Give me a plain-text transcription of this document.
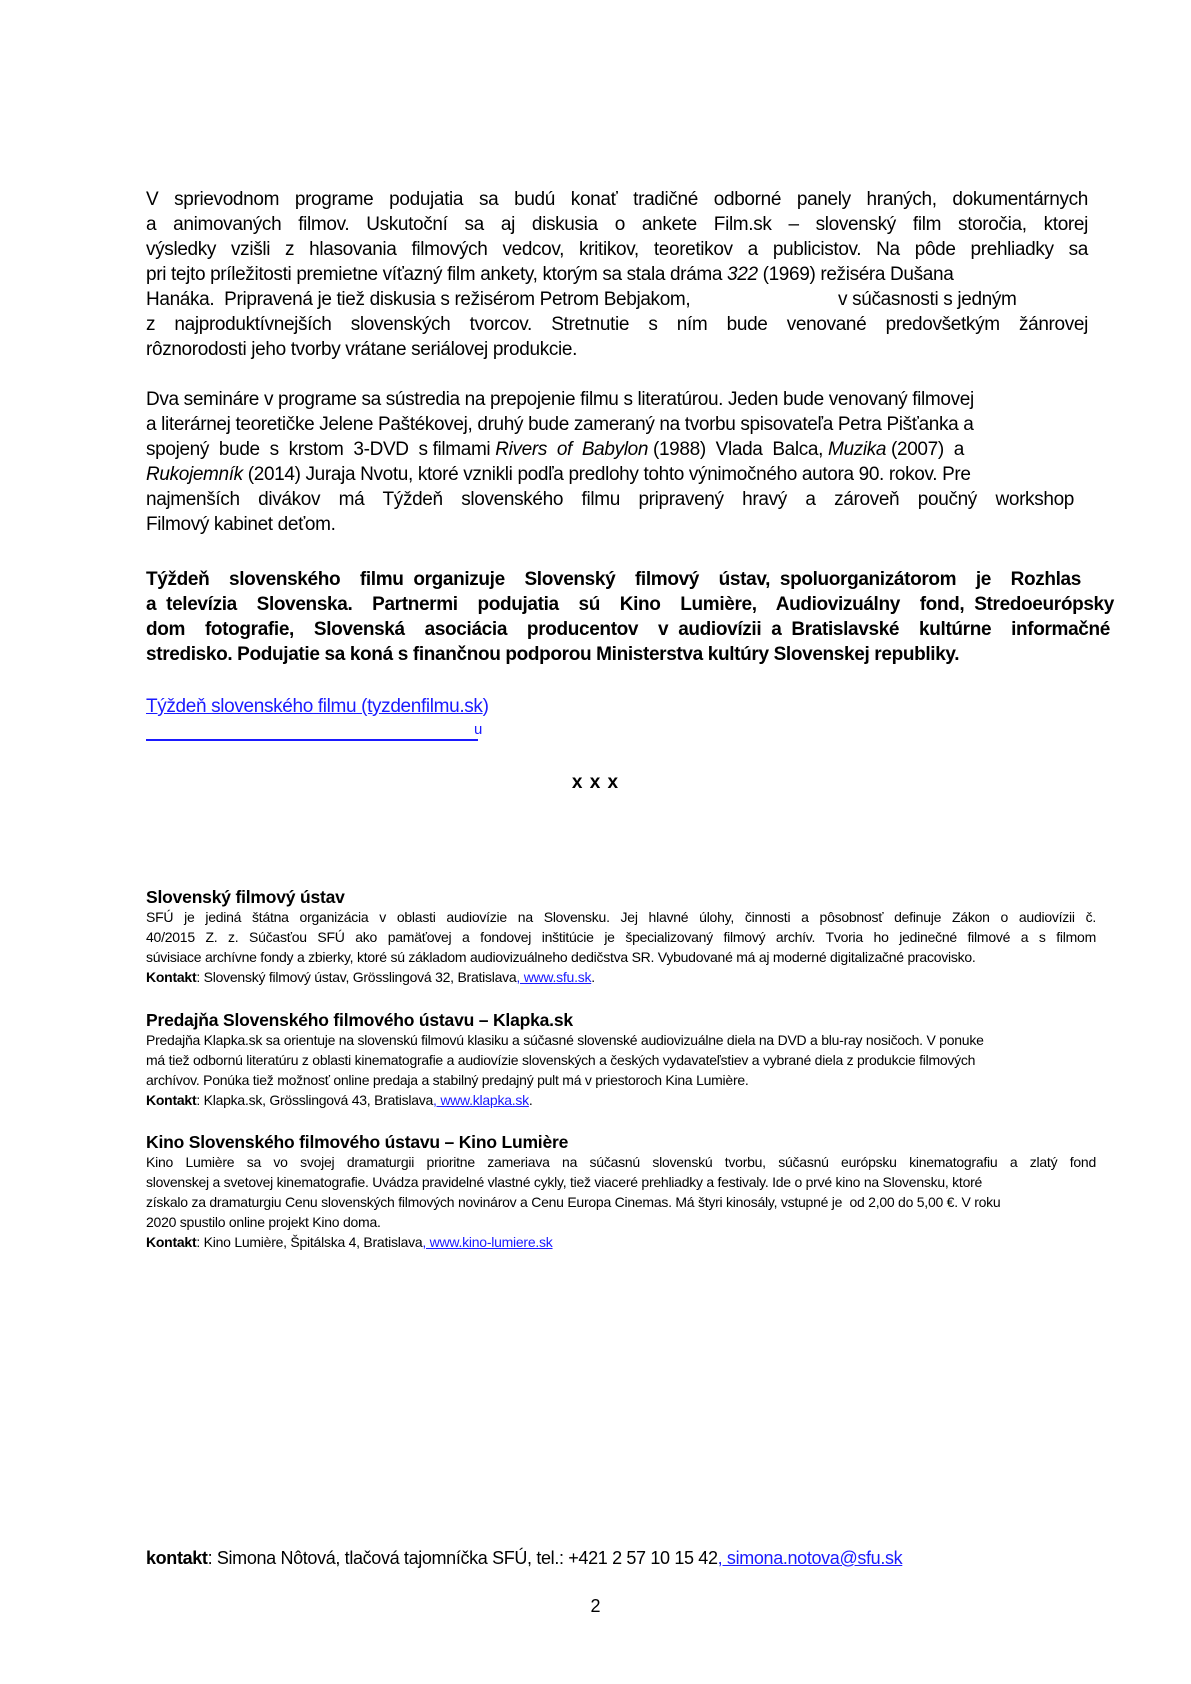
V sprievodnom programe podujatia sa budú konať tradičné odborné panely hraných, dokumentárnych
a animovaných filmov. Uskutoční sa aj diskusia o ankete Film.sk – slovenský film storočia, ktorej
výsledky vzišli z hlasovania filmových vedcov, kritikov, teoretikov a publicistov. Na pôde prehliadky sa
pri tejto príležitosti premietne víťazný film ankety, ktorým sa stala dráma 322 (1969) režiséra Dušana
Hanáka.  Pripravená je tiež diskusia s režisérom Petrom Bebjakom,	v súčasnosti s jedným
z najproduktívnejších slovenských tvorcov. Stretnutie s ním bude venované predovšetkým žánrovej
rôznorodosti jeho tvorby vrátane seriálovej produkcie.
Dva semináre v programe sa sústredia na prepojenie filmu s literatúrou. Jeden bude venovaný filmovej
a literárnej teoretičke Jelene Paštékovej, druhý bude zameraný na tvorbu spisovateľa Petra Pišťanka a
spojený  bude  s  krstom  3-DVD  s filmami Rivers  of  Babylon (1988)  Vlada  Balca, Muzika (2007)  a
Rukojemník (2014) Juraja Nvotu, ktoré vznikli podľa predlohy tohto výnimočného autora 90. rokov. Pre
najmenších divákov má Týždeň slovenského filmu pripravený hravý a zároveň poučný workshop
Filmový kabinet deťom.
Týždeň  slovenského  filmu organizuje  Slovenský  filmový  ústav, spoluorganizátorom  je  Rozhlas
a televízia  Slovenska.  Partnermi  podujatia  sú  Kino  Lumière,  Audiovizuálny  fond, Stredoeurópsky
dom  fotografie,  Slovenská  asociácia  producentov  v audiovízii a Bratislavské  kultúrne  informačné
stredisko. Podujatie sa koná s finančnou podporou Ministerstva kultúry Slovenskej republiky.
Týždeň slovenského filmu (tyzdenfilmu.sk)
u
x x x
Slovenský filmový ústav
SFÚ je jediná štátna organizácia v oblasti audiovízie na Slovensku. Jej hlavné úlohy, činnosti a pôsobnosť definuje Zákon o audiovízii č.
40/2015 Z. z. Súčasťou SFÚ ako pamäťovej a fondovej inštitúcie je špecializovaný filmový archív. Tvoria ho jedinečné filmové a s filmom
súvisiace archívne fondy a zbierky, ktoré sú základom audiovizuálneho dedičstva SR. Vybudované má aj moderné digitalizačné pracovisko.
Kontakt: Slovenský filmový ústav, Grösslingová 32, Bratislava, www.sfu.sk.
Predajňa Slovenského filmového ústavu – Klapka.sk
Predajňa Klapka.sk sa orientuje na slovenskú filmovú klasiku a súčasné slovenské audiovizuálne diela na DVD a blu-ray nosičoch. V ponuke
má tiež odbornú literatúru z oblasti kinematografie a audiovízie slovenských a českých vydavateľstiev a vybrané diela z produkcie filmových
archívov. Ponúka tiež možnosť online predaja a stabilný predajný pult má v priestoroch Kina Lumière.
Kontakt: Klapka.sk, Grösslingová 43, Bratislava, www.klapka.sk.
Kino Slovenského filmového ústavu – Kino Lumière
Kino Lumière sa vo svojej dramaturgii prioritne zameriava na súčasnú slovenskú tvorbu, súčasnú európsku kinematografiu a zlatý fond
slovenskej a svetovej kinematografie. Uvádza pravidelné vlastné cykly, tiež viaceré prehliadky a festivaly. Ide o prvé kino na Slovensku, ktoré
získalo za dramaturgiu Cenu slovenských filmových novinárov a Cenu Europa Cinemas. Má štyri kinosály, vstupné je  od 2,00 do 5,00 €. V roku
2020 spustilo online projekt Kino doma.
Kontakt: Kino Lumière, Špitálska 4, Bratislava, www.kino-lumiere.sk
kontakt: Simona Nôtová, tlačová tajomníčka SFÚ, tel.: +421 2 57 10 15 42, simona.notova@sfu.sk
2
